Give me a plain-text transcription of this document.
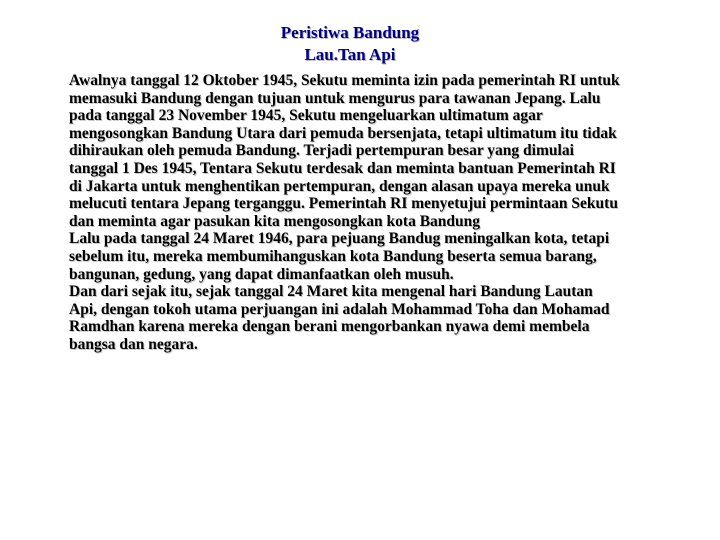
Peristiwa Bandung
Lau.Tan Api

Awalnya tanggal 12 Oktober 1945, Sekutu meminta izin pada pemerintah RI untuk
memasuki Bandung dengan tujuan untuk mengurus para tawanan Jepang. Lalu
pada tanggal 23 November 1945, Sekutu mengeluarkan ultimatum agar
mengosongkan Bandung Utara dari pemuda bersenjata, tetapi ultimatum itu tidak
dihiraukan oleh pemuda Bandung. Terjadi pertempuran besar yang dimulai
tanggal 1 Des 1945, Tentara Sekutu terdesak dan meminta bantuan Pemerintah RI
di Jakarta untuk menghentikan pertempuran, dengan alasan upaya mereka unuk
melucuti tentara Jepang terganggu. Pemerintah RI menyetujui permintaan Sekutu
dan meminta agar pasukan kita mengosongkan kota Bandung

Lalu pada tanggal 24 Maret 1946, para pejuang Bandug meningalkan kota, tetapi
sebelum itu, mereka membumihanguskan kota Bandung beserta semua barang,
bangunan, gedung, yang dapat dimanfaatkan oleh musuh.

Dan dari sejak itu, sejak tanggal 24 Maret kita mengenal hari Bandung Lautan
Api, dengan tokoh utama perjuangan ini adalah Mohammad Toha dan Mohamad
Ramdhan karena mereka dengan berani mengorbankan nyawa demi membela
bangsa dan negara.
